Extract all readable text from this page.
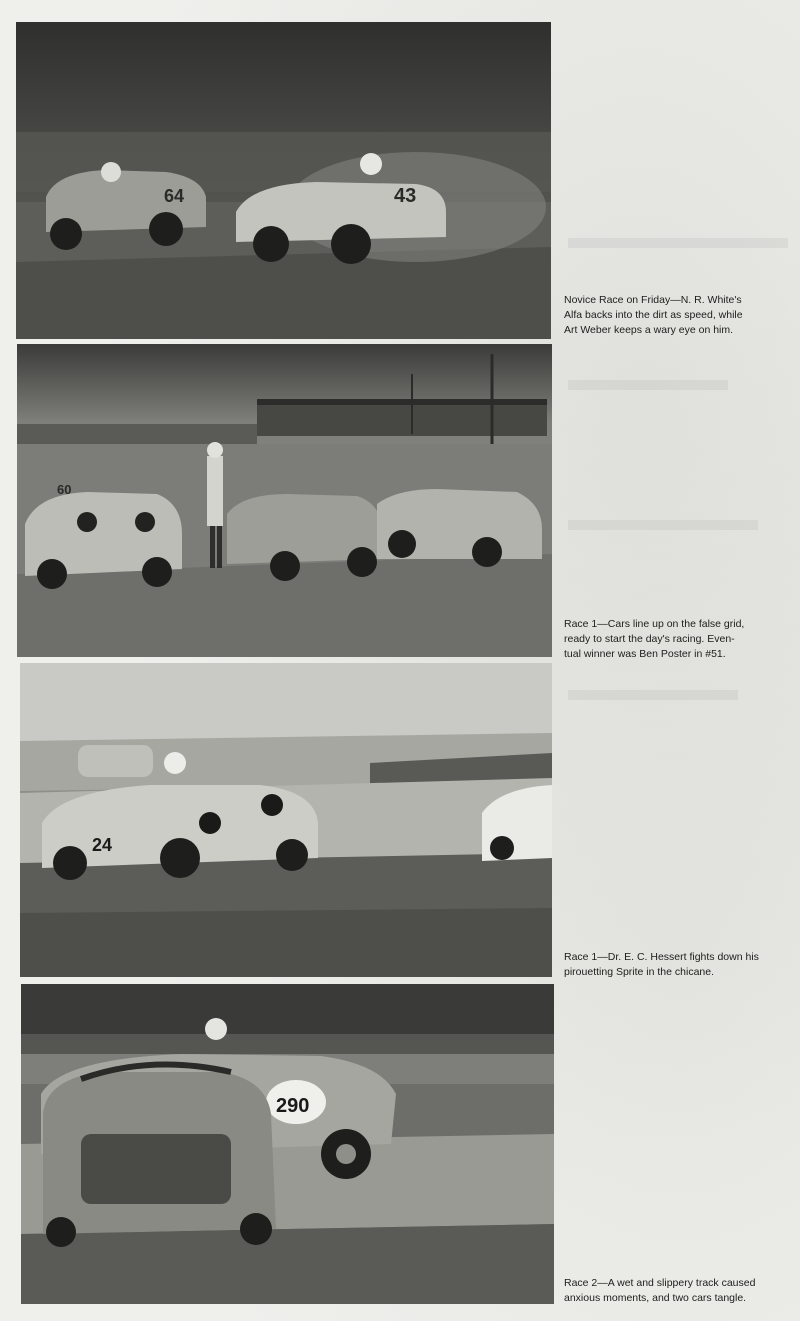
64	43
Novice Race on Friday—N. R. White's
Alfa backs into the dirt as speed, while
Art Weber keeps a wary eye on him.
60
Race 1—Cars line up on the false grid,
ready to start the day's racing. Even-
tual winner was Ben Poster in #51.
24
Race 1—Dr. E. C. Hessert fights down his
pirouetting Sprite in the chicane.
290
Race 2—A wet and slippery track caused
anxious moments, and two cars tangle.
